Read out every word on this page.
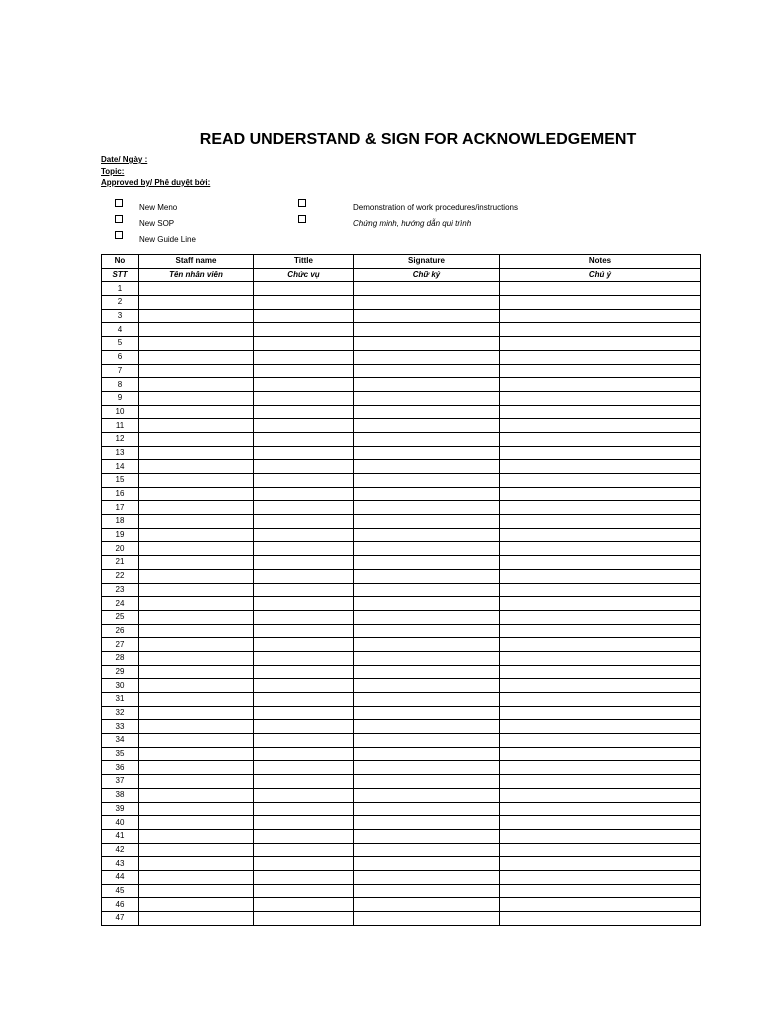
READ UNDERSTAND & SIGN FOR ACKNOWLEDGEMENT
Date/ Ngày :
Topic:
Approved by/ Phê duyệt bởi:
New Meno
New SOP
New Guide Line
Demonstration of work procedures/instructions
Chứng minh, hướng dẫn qui trình
No	Staff name	Tittle	Signature	Notes
STT	Tên nhân viên	Chức vụ	Chữ ký	Chú ý
1				
2				
3				
4				
5				
6				
7				
8				
9				
10				
11				
12				
13				
14				
15				
16				
17				
18				
19				
20				
21				
22				
23				
24				
25				
26				
27				
28				
29				
30				
31				
32				
33				
34				
35				
36				
37				
38				
39				
40				
41				
42				
43				
44				
45				
46				
47				
